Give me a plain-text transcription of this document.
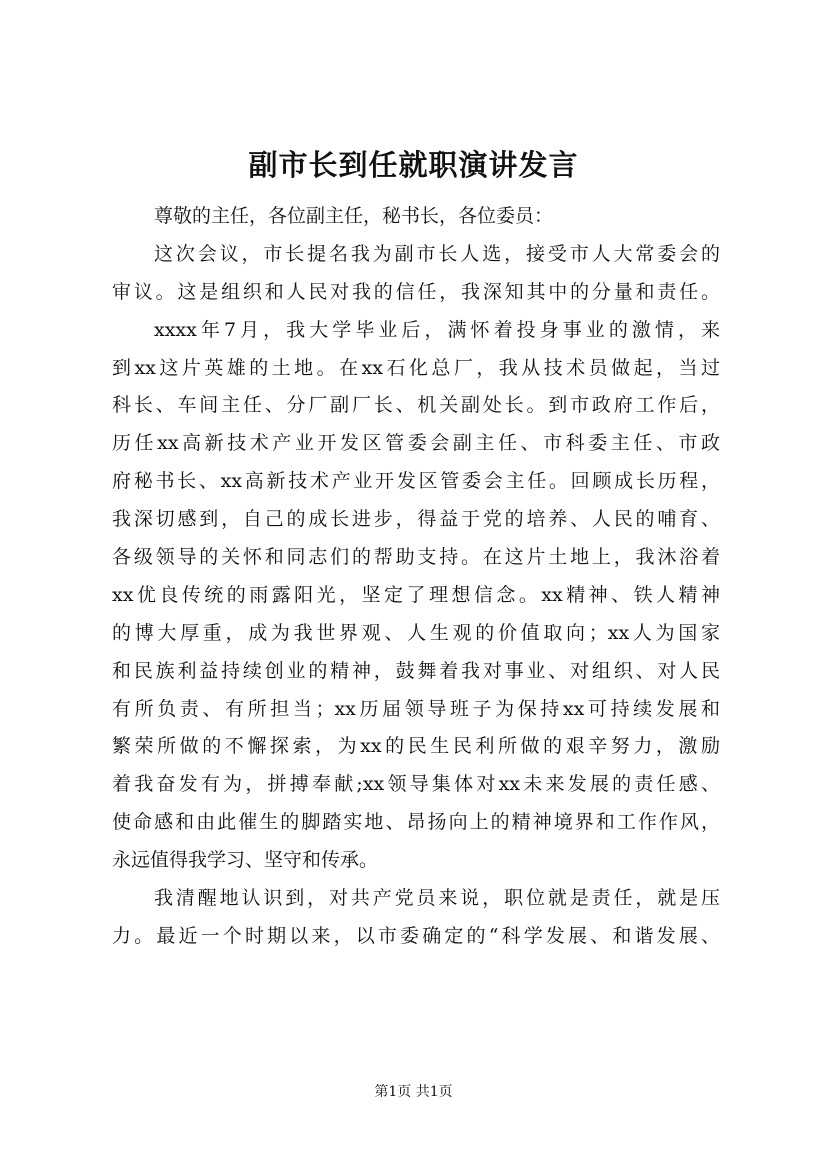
副市长到任就职演讲发言
尊敬的主任，各位副主任，秘书长，各位委员：
这次会议，市长提名我为副市长人选，接受市人大常委会的
审议。这是组织和人民对我的信任，我深知其中的分量和责任。
xxxx年7月，我大学毕业后，满怀着投身事业的激情，来
到xx这片英雄的土地。在xx石化总厂，我从技术员做起，当过
科长、车间主任、分厂副厂长、机关副处长。到市政府工作后，
历任xx高新技术产业开发区管委会副主任、市科委主任、市政
府秘书长、xx高新技术产业开发区管委会主任。回顾成长历程，
我深切感到，自己的成长进步，得益于党的培养、人民的哺育、
各级领导的关怀和同志们的帮助支持。在这片土地上，我沐浴着
xx优良传统的雨露阳光，坚定了理想信念。xx精神、铁人精神
的博大厚重，成为我世界观、人生观的价值取向；xx人为国家
和民族利益持续创业的精神，鼓舞着我对事业、对组织、对人民
有所负责、有所担当；xx历届领导班子为保持xx可持续发展和
繁荣所做的不懈探索，为xx的民生民利所做的艰辛努力，激励
着我奋发有为，拼搏奉献;xx领导集体对xx未来发展的责任感、
使命感和由此催生的脚踏实地、昂扬向上的精神境界和工作作风，
永远值得我学习、坚守和传承。
我清醒地认识到，对共产党员来说，职位就是责任，就是压
力。最近一个时期以来，以市委确定的“科学发展、和谐发展、
第1页 共1页
